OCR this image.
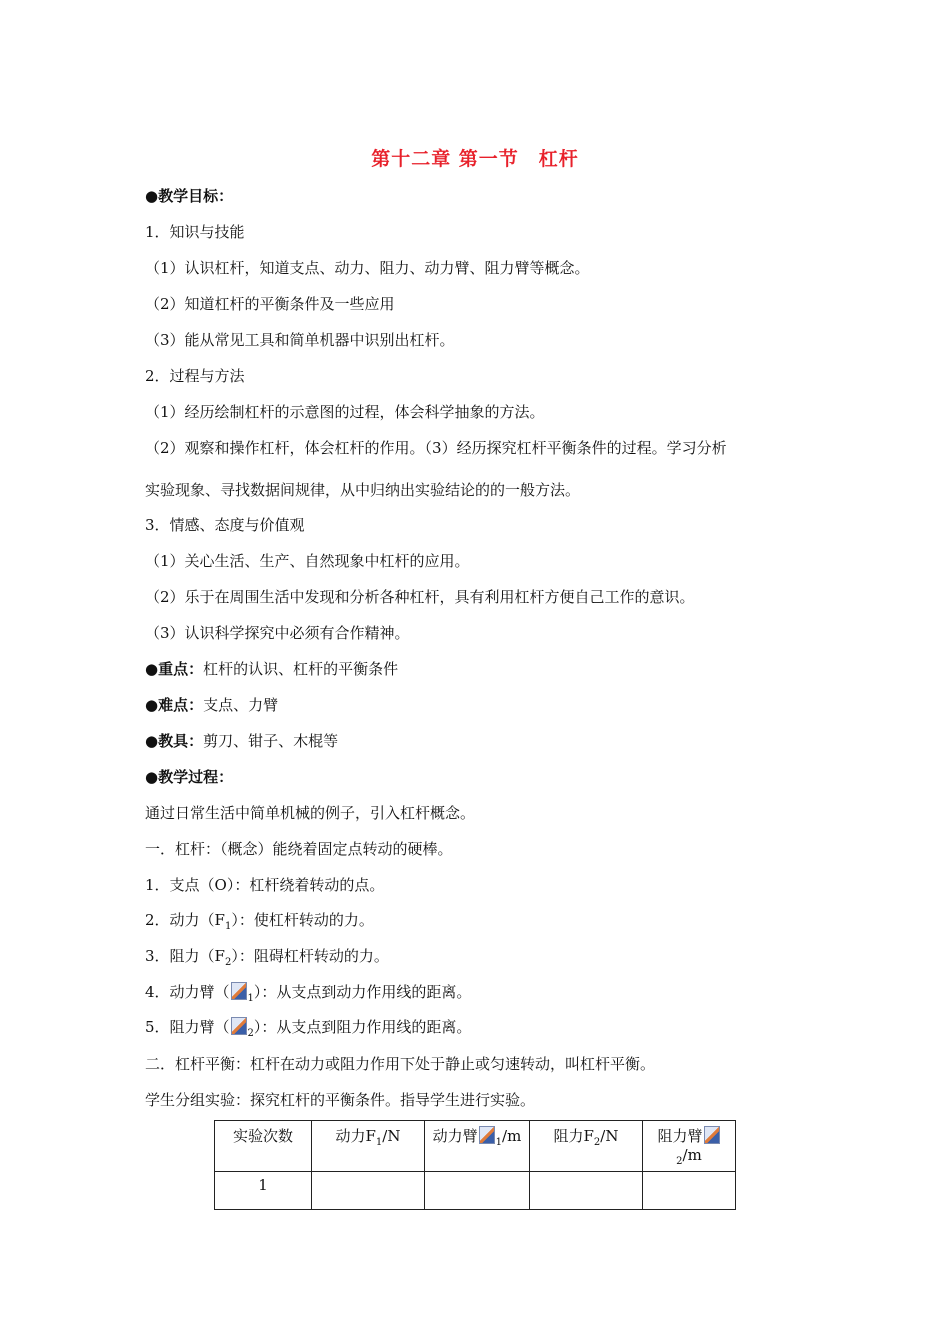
第十二章 第一节　杠杆
●教学目标：
1．知识与技能
（1）认识杠杆，知道支点、动力、阻力、动力臂、阻力臂等概念。
（2）知道杠杆的平衡条件及一些应用
（3）能从常见工具和简单机器中识别出杠杆。
2．过程与方法
（1）经历绘制杠杆的示意图的过程，体会科学抽象的方法。
（2）观察和操作杠杆，体会杠杆的作用。（3）经历探究杠杆平衡条件的过程。学习分析
实验现象、寻找数据间规律，从中归纳出实验结论的的一般方法。
3．情感、态度与价值观
（1）关心生活、生产、自然现象中杠杆的应用。
（2）乐于在周围生活中发现和分析各种杠杆，具有利用杠杆方便自己工作的意识。
（3）认识科学探究中必须有合作精神。
●重点：杠杆的认识、杠杆的平衡条件
●难点：支点、力臂
●教具：剪刀、钳子、木棍等
●教学过程：
通过日常生活中简单机械的例子，引入杠杆概念。
一．杠杆：（概念）能绕着固定点转动的硬棒。
1．支点（O）：杠杆绕着转动的点。
2．动力$(F_1)$：使杠杆转动的力。
3．阻力$(F_2)$：阻碍杠杆转动的力。
4．动力臂（ $_1$）：从支点到动力作用线的距离。
5．阻力臂（ $_2$）：从支点到阻力作用线的距离。
二．杠杆平衡：杠杆在动力或阻力作用下处于静止或匀速转动，叫杠杆平衡。
学生分组实验：探究杠杆的平衡条件。指导学生进行实验。
实验次数	动力$F_1/N$	动力臂 $_1$/m	阻力$F_2/N$	阻力臂$_2$/m
1				
